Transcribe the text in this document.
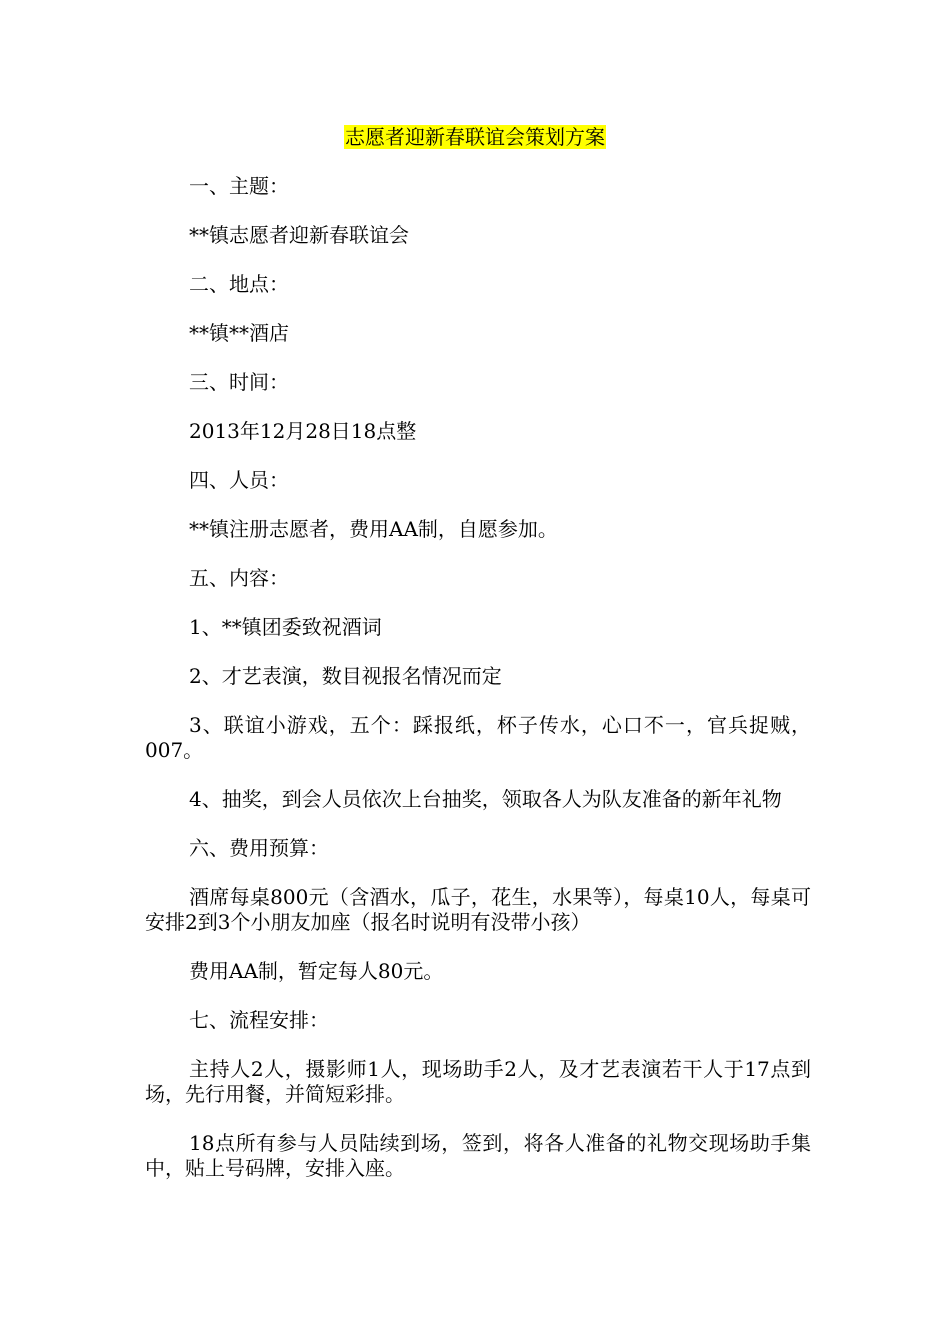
志愿者迎新春联谊会策划方案

一、主题：

**镇志愿者迎新春联谊会

二、地点：

**镇**酒店

三、时间：

2013年12月28日18点整

四、人员：

**镇注册志愿者，费用AA制，自愿参加。

五、内容：

1、**镇团委致祝酒词

2、才艺表演，数目视报名情况而定

3、联谊小游戏，五个：踩报纸，杯子传水，心口不一，官兵捉贼，007。

4、抽奖，到会人员依次上台抽奖，领取各人为队友准备的新年礼物

六、费用预算：

酒席每桌800元（含酒水，瓜子，花生，水果等），每桌10人，每桌可安排2到3个小朋友加座（报名时说明有没带小孩）

费用AA制，暂定每人80元。

七、流程安排：

主持人2人，摄影师1人，现场助手2人，及才艺表演若干人于17点到场，先行用餐，并简短彩排。

18点所有参与人员陆续到场，签到，将各人准备的礼物交现场助手集中，贴上号码牌，安排入座。
